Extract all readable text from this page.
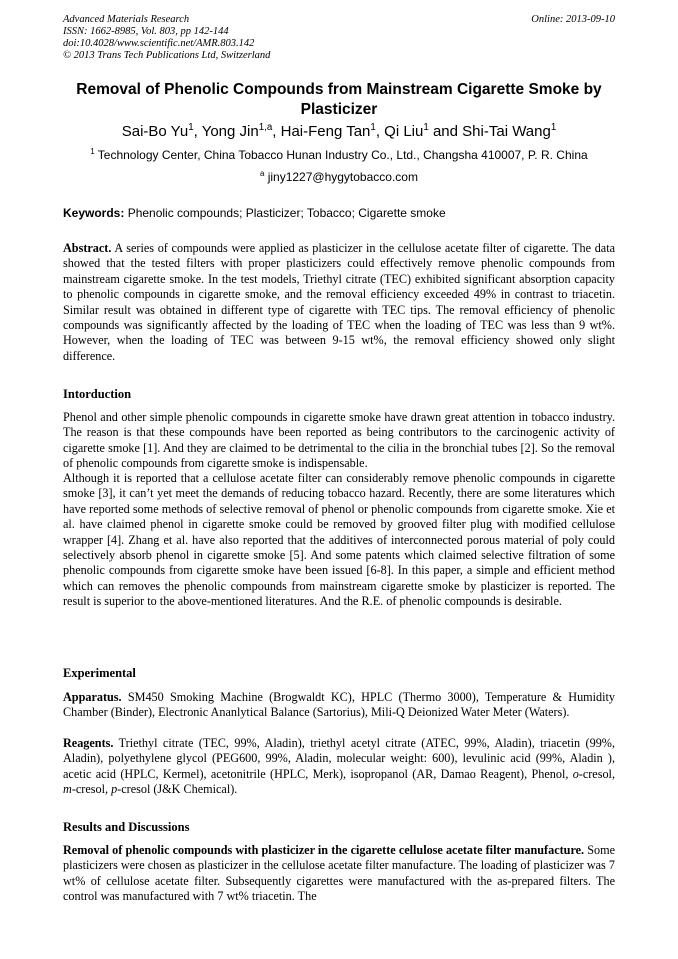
Advanced Materials Research
ISSN: 1662-8985, Vol. 803, pp 142-144
doi:10.4028/www.scientific.net/AMR.803.142
© 2013 Trans Tech Publications Ltd, Switzerland
Online: 2013-09-10
Removal of Phenolic Compounds from Mainstream Cigarette Smoke by Plasticizer
Sai-Bo Yu$^1$, Yong Jin$^{1,a}$, Hai-Feng Tan$^1$, Qi Liu$^1$ and Shi-Tai Wang$^1$
$^1$ Technology Center, China Tobacco Hunan Industry Co., Ltd., Changsha 410007, P. R. China
$^a$ jiny1227@hygytobacco.com
Keywords: Phenolic compounds; Plasticizer; Tobacco; Cigarette smoke
Abstract. A series of compounds were applied as plasticizer in the cellulose acetate filter of cigarette. The data showed that the tested filters with proper plasticizers could effectively remove phenolic compounds from mainstream cigarette smoke. In the test models, Triethyl citrate (TEC) exhibited significant absorption capacity to phenolic compounds in cigarette smoke, and the removal efficiency exceeded 49% in contrast to triacetin. Similar result was obtained in different type of cigarette with TEC tips. The removal efficiency of phenolic compounds was significantly affected by the loading of TEC when the loading of TEC was less than 9 wt%. However, when the loading of TEC was between 9-15 wt%, the removal efficiency showed only slight difference.
Intorduction
Phenol and other simple phenolic compounds in cigarette smoke have drawn great attention in tobacco industry. The reason is that these compounds have been reported as being contributors to the carcinogenic activity of cigarette smoke [1]. And they are claimed to be detrimental to the cilia in the bronchial tubes [2]. So the removal of phenolic compounds from cigarette smoke is indispensable.
Although it is reported that a cellulose acetate filter can considerably remove phenolic compounds in cigarette smoke [3], it can’t yet meet the demands of reducing tobacco hazard. Recently, there are some literatures which have reported some methods of selective removal of phenol or phenolic compounds from cigarette smoke. Xie et al. have claimed phenol in cigarette smoke could be removed by grooved filter plug with modified cellulose wrapper [4]. Zhang et al. have also reported that the additives of interconnected porous material of poly could selectively absorb phenol in cigarette smoke [5]. And some patents which claimed selective filtration of some phenolic compounds from cigarette smoke have been issued [6-8]. In this paper, a simple and efficient method which can removes the phenolic compounds from mainstream cigarette smoke by plasticizer is reported. The result is superior to the above-mentioned literatures. And the R.E. of phenolic compounds is desirable.
Experimental
Apparatus. SM450 Smoking Machine (Brogwaldt KC), HPLC (Thermo 3000), Temperature & Humidity Chamber (Binder), Electronic Ananlytical Balance (Sartorius), Mili-Q Deionized Water Meter (Waters).
Reagents. Triethyl citrate (TEC, 99%, Aladin), triethyl acetyl citrate (ATEC, 99%, Aladin), triacetin (99%, Aladin), polyethylene glycol (PEG600, 99%, Aladin, molecular weight: 600), levulinic acid (99%, Aladin ), acetic acid (HPLC, Kermel), acetonitrile (HPLC, Merk), isopropanol (AR, Damao Reagent), Phenol, o-cresol, m-cresol, p-cresol (J&K Chemical).
Results and Discussions
Removal of phenolic compounds with plasticizer in the cigarette cellulose acetate filter manufacture. Some plasticizers were chosen as plasticizer in the cellulose acetate filter manufacture. The loading of plasticizer was 7 wt% of cellulose acetate filter. Subsequently cigarettes were manufactured with the as-prepared filters. The control was manufactured with 7 wt% triacetin. The
